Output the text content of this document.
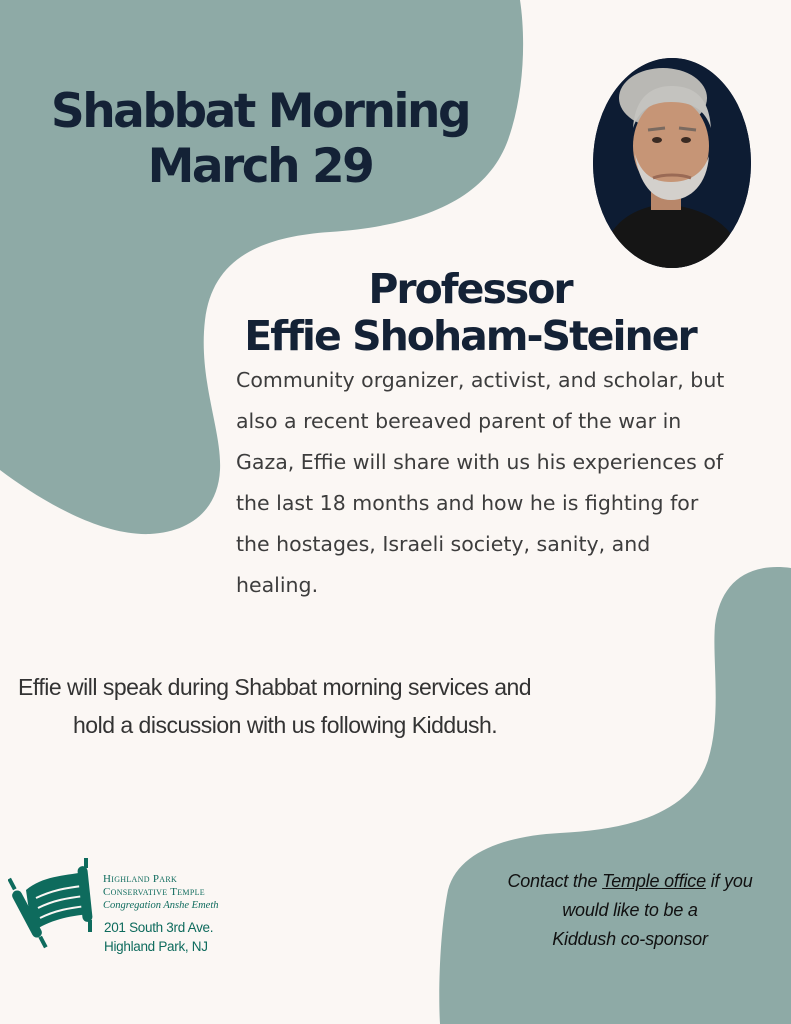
Shabbat Morning
March 29
Professor
Effie Shoham-Steiner
Community organizer, activist, and scholar, but also a recent bereaved parent of the war in Gaza, Effie will share with us his experiences of the last 18 months and how he is fighting for the hostages, Israeli society, sanity, and healing.
Effie will speak during Shabbat morning services and
hold a discussion with us following Kiddush.
Highland Park
Conservative Temple
Congregation Anshe Emeth
201 South 3rd Ave.
Highland Park, NJ
Contact the Temple office if you
would like to be a
Kiddush co-sponsor
